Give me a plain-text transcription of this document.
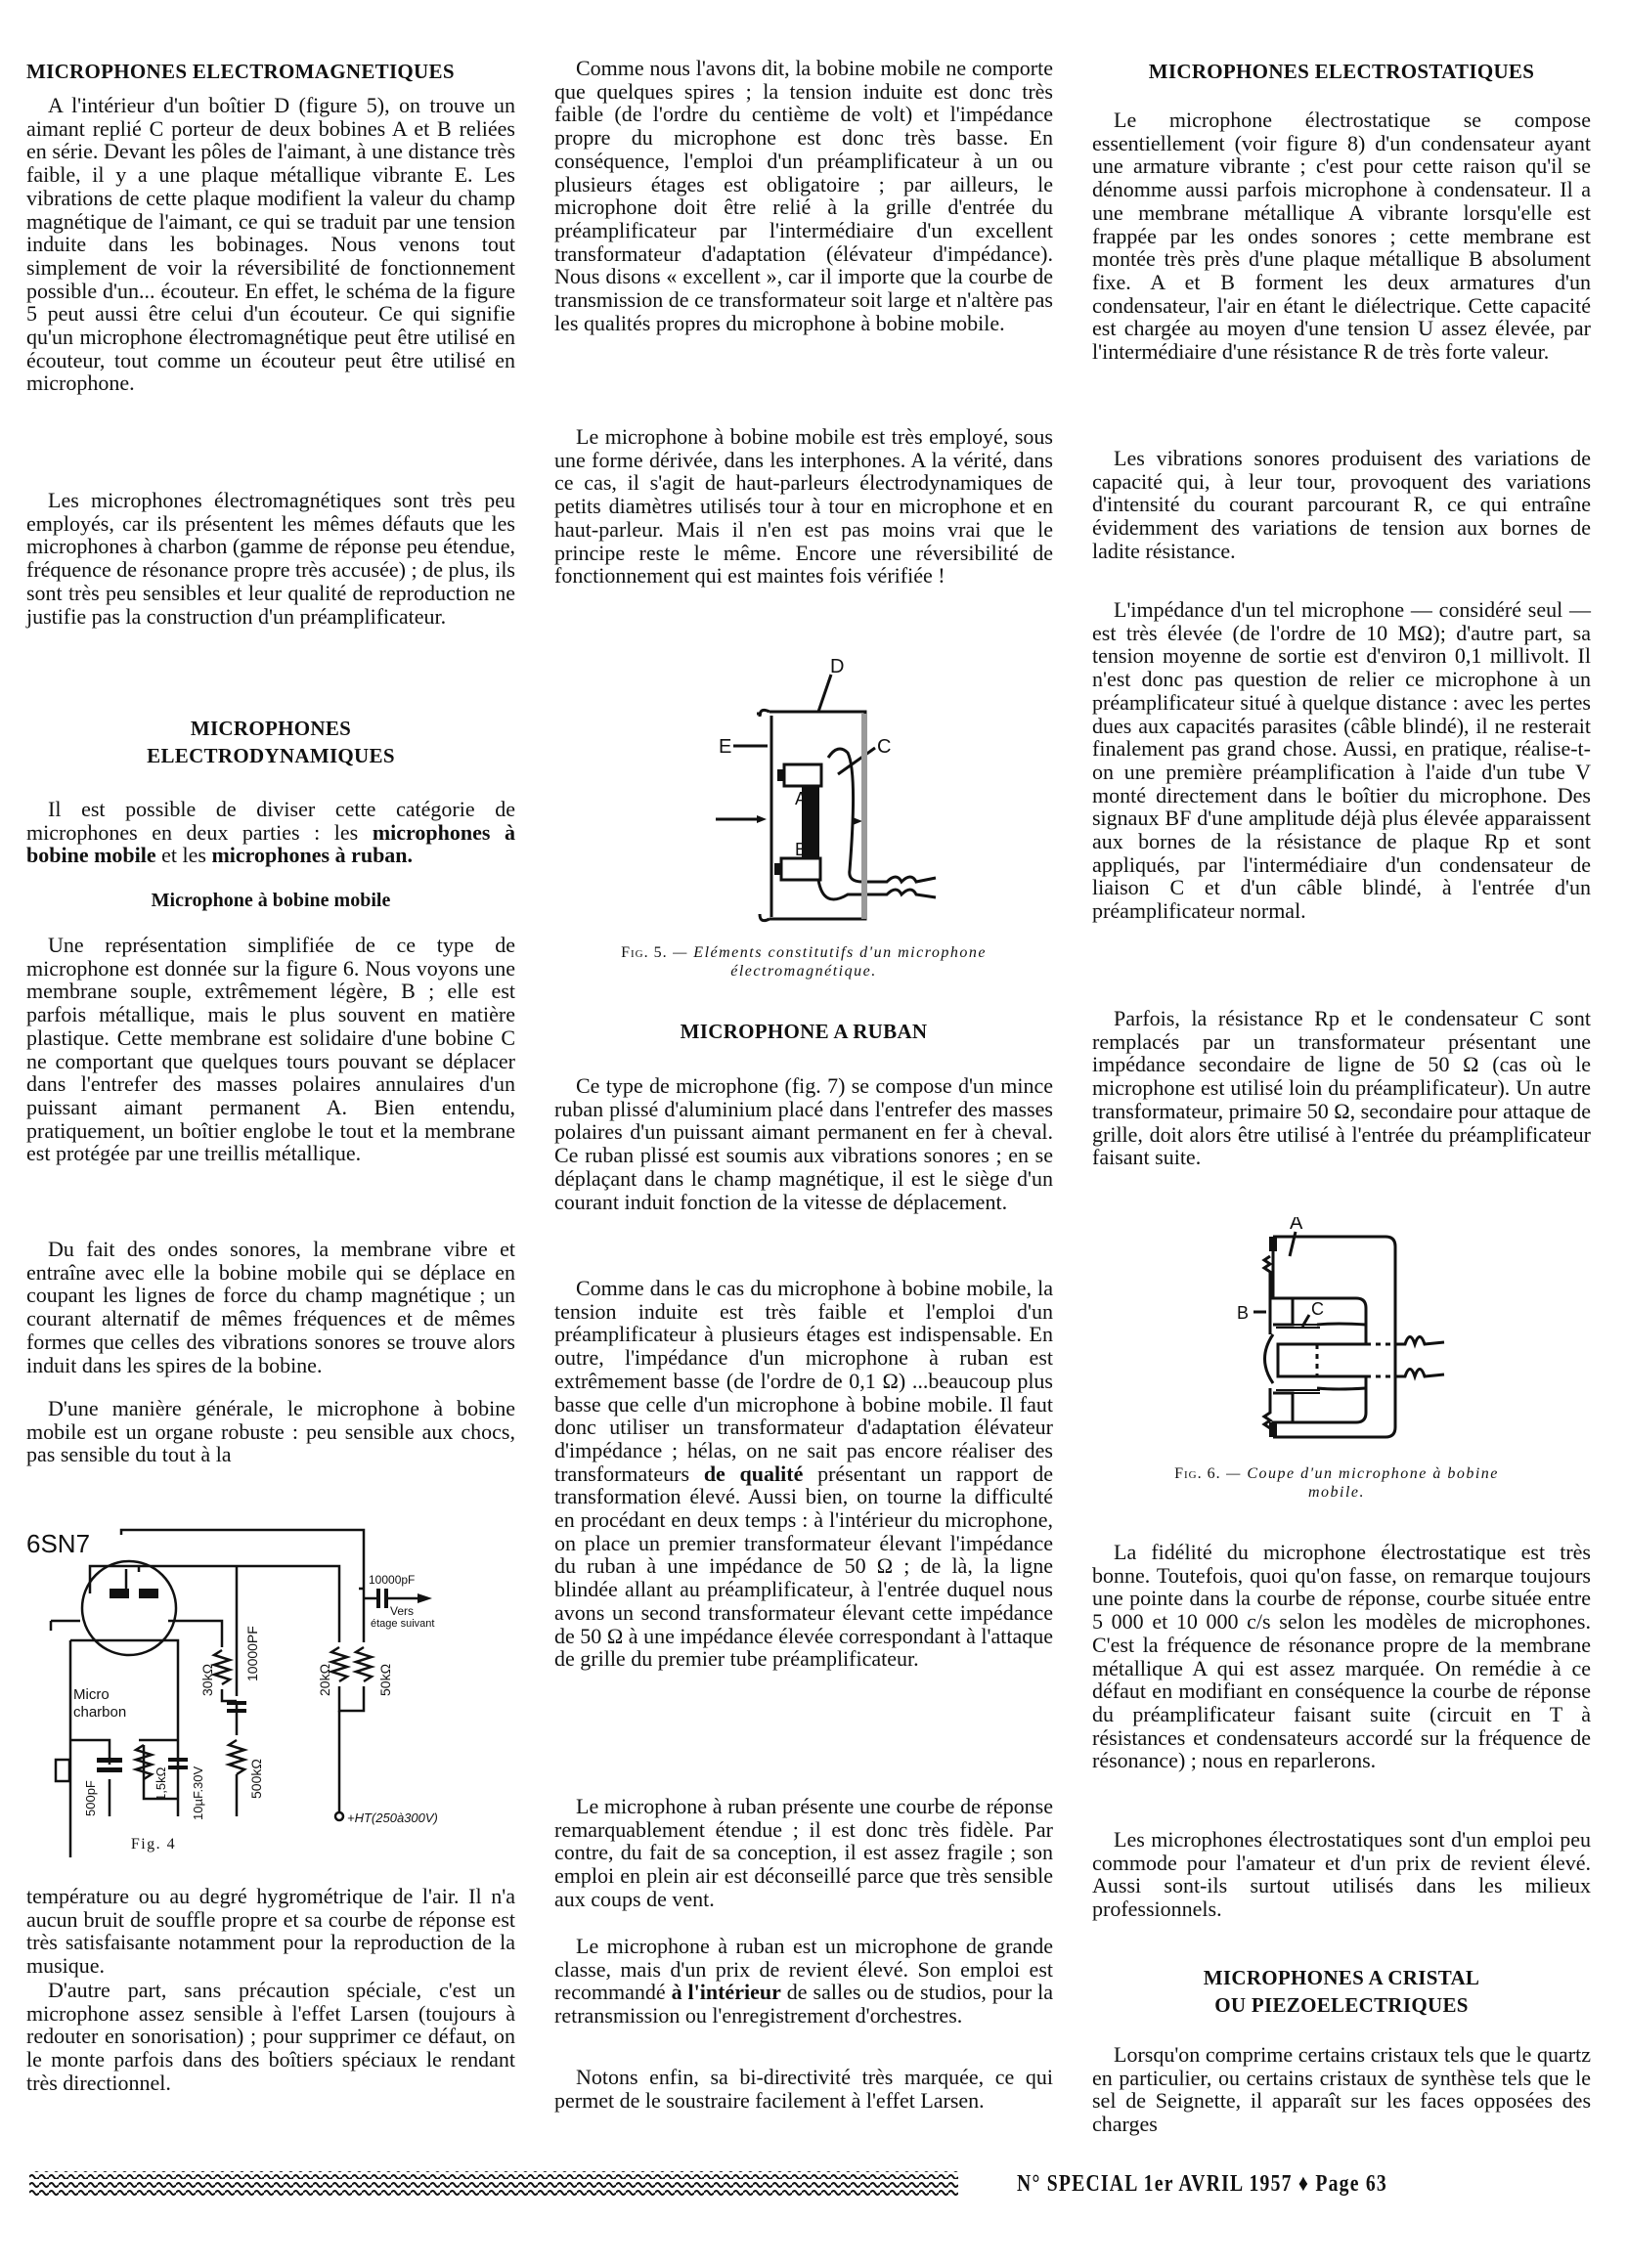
MICROPHONES ELECTROMAGNETIQUES

A l'intérieur d'un boîtier D (figure 5), on trouve un aimant replié C porteur de deux bobines A et B reliées en série. Devant les pôles de l'aimant, à une distance très faible, il y a une plaque métallique vibrante E. Les vibrations de cette plaque modifient la valeur du champ magnétique de l'aimant, ce qui se traduit par une tension induite dans les bobinages. Nous venons tout simplement de voir la réversibilité de fonctionnement possible d'un... écouteur. En effet, le schéma de la figure 5 peut aussi être celui d'un écouteur. Ce qui signifie qu'un microphone électromagnétique peut être utilisé en écouteur, tout comme un écouteur peut être utilisé en microphone.

Les microphones électromagnétiques sont très peu employés, car ils présentent les mêmes défauts que les microphones à charbon (gamme de réponse peu étendue, fréquence de résonance propre très accusée) ; de plus, ils sont très peu sensibles et leur qualité de reproduction ne justifie pas la construction d'un préamplificateur.

MICROPHONES
ELECTRODYNAMIQUES

Il est possible de diviser cette catégorie de microphones en deux parties : les microphones à bobine mobile et les microphones à ruban.

Microphone à bobine mobile

Une représentation simplifiée de ce type de microphone est donnée sur la figure 6. Nous voyons une membrane souple, extrêmement légère, B ; elle est parfois métallique, mais le plus souvent en matière plastique. Cette membrane est solidaire d'une bobine C ne comportant que quelques tours pouvant se déplacer dans l'entrefer des masses polaires annulaires d'un puissant aimant permanent A. Bien entendu, pratiquement, un boîtier englobe le tout et la membrane est protégée par une treillis métallique.

Du fait des ondes sonores, la membrane vibre et entraîne avec elle la bobine mobile qui se déplace en coupant les lignes de force du champ magnétique ; un courant alternatif de mêmes fréquences et de mêmes formes que celles des vibrations sonores se trouve alors induit dans les spires de la bobine.

D'une manière générale, le microphone à bobine mobile est un organe robuste : peu sensible aux chocs, pas sensible du tout à la

6SN7
10000pF
Vers
étage suivant
10000PF
30kΩ	20kΩ	50kΩ
Micro
charbon
500pF	1,5kΩ 10µF.30V	500kΩ
+HT(250à300V)
Fig. 4

température ou au degré hygrométrique de l'air. Il n'a aucun bruit de souffle propre et sa courbe de réponse est très satisfaisante notamment pour la reproduction de la musique.

D'autre part, sans précaution spéciale, c'est un microphone assez sensible à l'effet Larsen (toujours à redouter en sonorisation) ; pour supprimer ce défaut, on le monte parfois dans des boîtiers spéciaux le rendant très directionnel.

Comme nous l'avons dit, la bobine mobile ne comporte que quelques spires ; la tension induite est donc très faible (de l'ordre du centième de volt) et l'impédance propre du microphone est donc très basse. En conséquence, l'emploi d'un préamplificateur à un ou plusieurs étages est obligatoire ; par ailleurs, le microphone doit être relié à la grille d'entrée du préamplificateur par l'intermédiaire d'un excellent transformateur d'adaptation (élévateur d'impédance). Nous disons « excellent », car il importe que la courbe de transmission de ce transformateur soit large et n'altère pas les qualités propres du microphone à bobine mobile.

Le microphone à bobine mobile est très employé, sous une forme dérivée, dans les interphones. A la vérité, dans ce cas, il s'agit de haut-parleurs électrodynamiques de petits diamètres utilisés tour à tour en microphone et en haut-parleur. Mais il n'en est pas moins vrai que le principe reste le même. Encore une réversibilité de fonctionnement qui est maintes fois vérifiée !

D
E	C
A
B
Fig. 5. — Eléments constitutifs d'un microphone électromagnétique.
MICROPHONE A RUBAN

Ce type de microphone (fig. 7) se compose d'un mince ruban plissé d'aluminium placé dans l'entrefer des masses polaires d'un puissant aimant permanent en fer à cheval. Ce ruban plissé est soumis aux vibrations sonores ; en se déplaçant dans le champ magnétique, il est le siège d'un courant induit fonction de la vitesse de déplacement.

Comme dans le cas du microphone à bobine mobile, la tension induite est très faible et l'emploi d'un préamplificateur à plusieurs étages est indispensable. En outre, l'impédance d'un microphone à ruban est extrêmement basse (de l'ordre de 0,1 Ω) ...beaucoup plus basse que celle d'un microphone à bobine mobile. Il faut donc utiliser un transformateur d'adaptation élévateur d'impédance ; hélas, on ne sait pas encore réaliser des transformateurs de qualité présentant un rapport de transformation élevé. Aussi bien, on tourne la difficulté en procédant en deux temps : à l'intérieur du microphone, on place un premier transformateur élevant l'impédance du ruban à une impédance de 50 Ω ; de là, la ligne blindée allant au préamplificateur, à l'entrée duquel nous avons un second transformateur élevant cette impédance de 50 Ω à une impédance élevée correspondant à l'attaque de grille du premier tube préamplificateur.

Le microphone à ruban présente une courbe de réponse remarquablement étendue ; il est donc très fidèle. Par contre, du fait de sa conception, il est assez fragile ; son emploi en plein air est déconseillé parce que très sensible aux coups de vent.

Le microphone à ruban est un microphone de grande classe, mais d'un prix de revient élevé. Son emploi est recommandé à l'intérieur de salles ou de studios, pour la retransmission ou l'enregistrement d'orchestres.

Notons enfin, sa bi-directivité très marquée, ce qui permet de le soustraire facilement à l'effet Larsen.

MICROPHONES ELECTROSTATIQUES

Le microphone électrostatique se compose essentiellement (voir figure 8) d'un condensateur ayant une armature vibrante ; c'est pour cette raison qu'il se dénomme aussi parfois microphone à condensateur. Il a une membrane métallique A vibrante lorsqu'elle est frappée par les ondes sonores ; cette membrane est montée très près d'une plaque métallique B absolument fixe. A et B forment les deux armatures d'un condensateur, l'air en étant le diélectrique. Cette capacité est chargée au moyen d'une tension U assez élevée, par l'intermédiaire d'une résistance R de très forte valeur.

Les vibrations sonores produisent des variations de capacité qui, à leur tour, provoquent des variations d'intensité du courant parcourant R, ce qui entraîne évidemment des variations de tension aux bornes de ladite résistance.

L'impédance d'un tel microphone — considéré seul — est très élevée (de l'ordre de 10 MΩ); d'autre part, sa tension moyenne de sortie est d'environ 0,1 millivolt. Il n'est donc pas question de relier ce microphone à un préamplificateur situé à quelque distance : avec les pertes dues aux capacités parasites (câble blindé), il ne resterait finalement pas grand chose. Aussi, en pratique, réalise-t-on une première préamplification à l'aide d'un tube V monté directement dans le boîtier du microphone. Des signaux BF d'une amplitude déjà plus élevée apparaissent aux bornes de la résistance de plaque Rp et sont appliqués, par l'intermédiaire d'un condensateur de liaison C et d'un câble blindé, à l'entrée d'un préamplificateur normal.

Parfois, la résistance Rp et le condensateur C sont remplacés par un transformateur présentant une impédance secondaire de ligne de 50 Ω (cas où le microphone est utilisé loin du préamplificateur). Un autre transformateur, primaire 50 Ω, secondaire pour attaque de grille, doit alors être utilisé à l'entrée du préamplificateur faisant suite.

A
B	C
Fig. 6. — Coupe d'un microphone à bobine mobile.

La fidélité du microphone électrostatique est très bonne. Toutefois, quoi qu'on fasse, on remarque toujours une pointe dans la courbe de réponse, courbe située entre 5 000 et 10 000 c/s selon les modèles de microphones. C'est la fréquence de résonance propre de la membrane métallique A qui est assez marquée. On remédie à ce défaut en modifiant en conséquence la courbe de réponse du préamplificateur faisant suite (circuit en T à résistances et condensateurs accordé sur la fréquence de résonance) ; nous en reparlerons.

Les microphones électrostatiques sont d'un emploi peu commode pour l'amateur et d'un prix de revient élevé. Aussi sont-ils surtout utilisés dans les milieux professionnels.

MICROPHONES A CRISTAL
OU PIEZOELECTRIQUES

Lorsqu'on comprime certains cristaux tels que le quartz en particulier, ou certains cristaux de synthèse tels que le sel de Seignette, il apparaît sur les faces opposées des charges

N° SPECIAL 1er AVRIL 1957 ♦ Page 63
